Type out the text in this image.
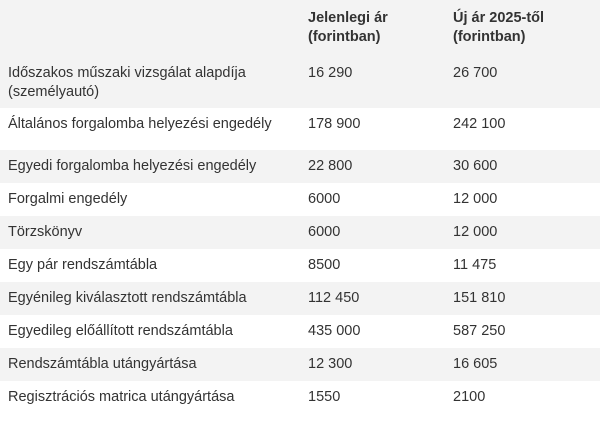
	Jelenlegi ár (forintban)	Új ár 2025-től (forintban)
Időszakos műszaki vizsgálat alapdíja (személyautó)	16 290	26 700
Általános forgalomba helyezési engedély	178 900	242 100
Egyedi forgalomba helyezési engedély	22 800	30 600
Forgalmi engedély	6000	12 000
Törzskönyv	6000	12 000
Egy pár rendszámtábla	8500	11 475
Egyénileg kiválasztott rendszámtábla	112 450	151 810
Egyedileg előállított rendszámtábla	435 000	587 250
Rendszámtábla utángyártása	12 300	16 605
Regisztrációs matrica utángyártása	1550	2100
